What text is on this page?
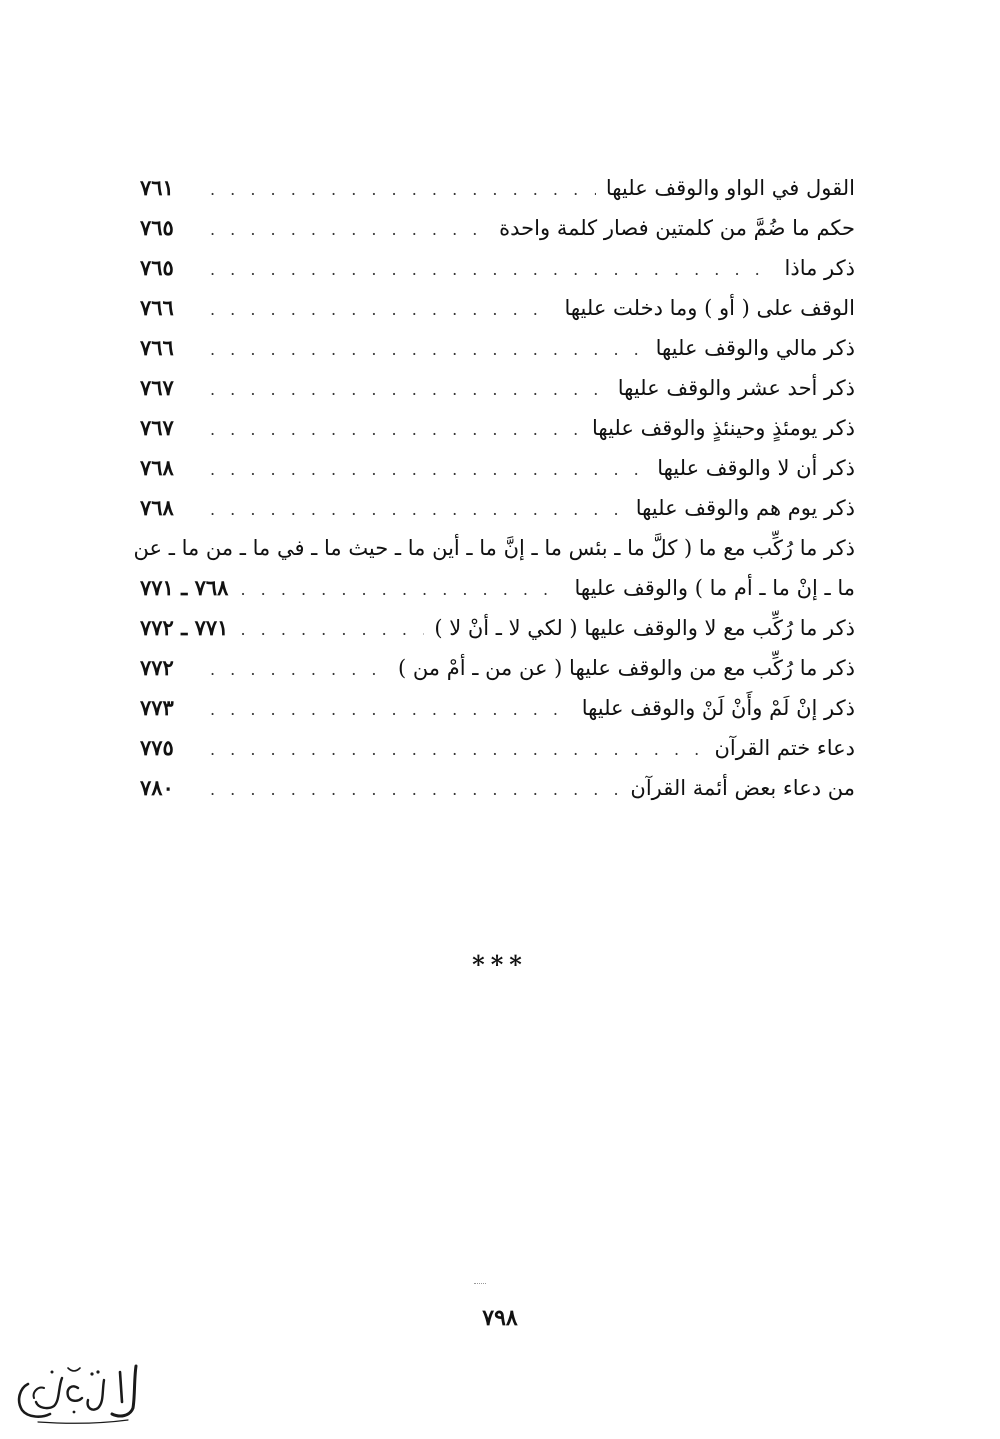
القول في الواو والوقف عليها
. . .
٧٦١
حكم ما ضُمَّ من كلمتين فصار كلمة واحدة
. . .
٧٦٥
ذكر ماذا
. . .
٧٦٥
الوقف على ( أو ) وما دخلت عليها
. . .
٧٦٦
ذكر مالي والوقف عليها
. . .
٧٦٦
ذكر أحد عشر والوقف عليها
. . .
٧٦٧
ذكر يومئذٍ وحينئذٍ والوقف عليها
. . .
٧٦٧
ذكر أن لا والوقف عليها
. . .
٧٦٨
ذكر يوم هم والوقف عليها
. . .
٧٦٨
ذكر ما رُكِّب مع ما ( كلَّ ما ـ بئس ما ـ إنَّ ما ـ أين ما ـ حيث ما ـ في ما ـ من ما ـ عن
ما ـ إنْ ما ـ أم ما ) والوقف عليها
. . .
٧٦٨ ـ ٧٧١
ذكر ما رُكِّب مع لا والوقف عليها ( لكي لا ـ أنْ لا )
. . .
٧٧١ ـ ٧٧٢
ذكر ما رُكِّب مع من والوقف عليها ( عن من ـ أمْ من )
. . .
٧٧٢
ذكر إنْ لَمْ وأَنْ لَنْ والوقف عليها
. . .
٧٧٣
دعاء ختم القرآن
. . .
٧٧٥
من دعاء بعض أئمة القرآن
. . .
٧٨٠
***
٧٩٨
